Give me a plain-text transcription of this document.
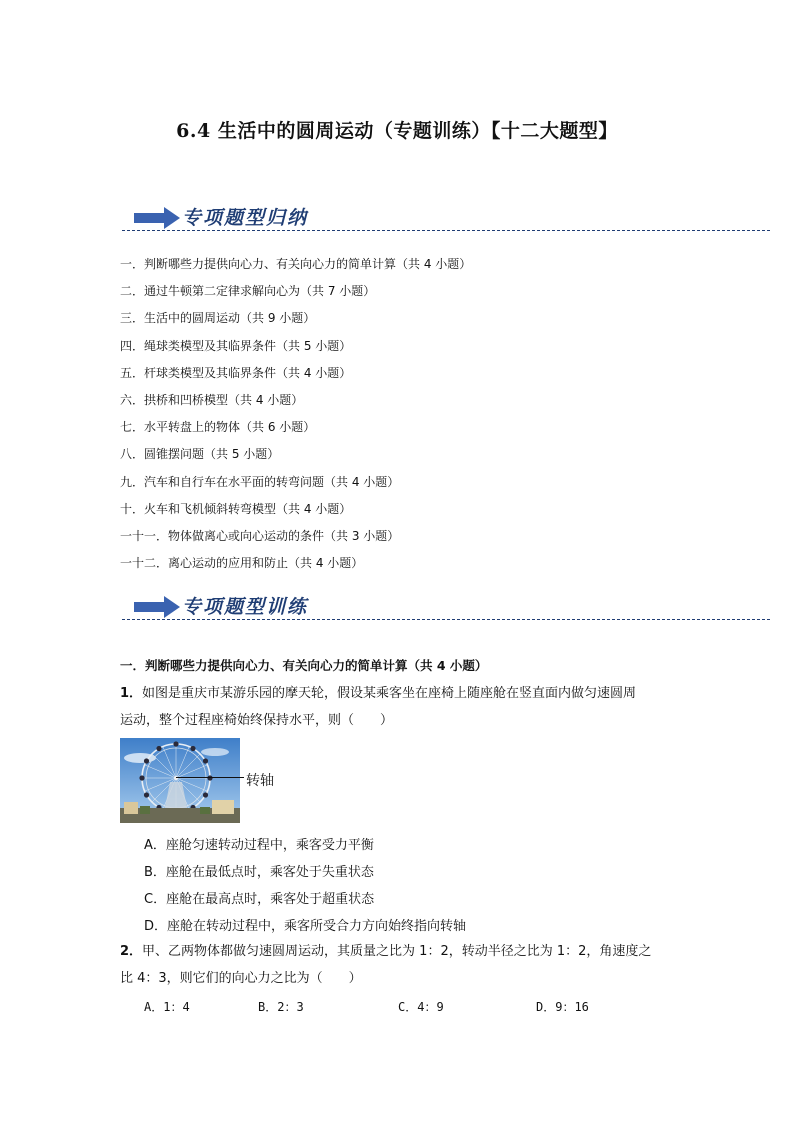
6.4 生活中的圆周运动（专题训练）【十二大题型】
专项题型归纳
一．判断哪些力提供向心力、有关向心力的简单计算（共 4 小题）
二．通过牛顿第二定律求解向心为（共 7 小题）
三．生活中的圆周运动（共 9 小题）
四．绳球类模型及其临界条件（共 5 小题）
五．杆球类模型及其临界条件（共 4 小题）
六．拱桥和凹桥模型（共 4 小题）
七．水平转盘上的物体（共 6 小题）
八．圆锥摆问题（共 5 小题）
九．汽车和自行车在水平面的转弯问题（共 4 小题）
十．火车和飞机倾斜转弯模型（共 4 小题）
一十一．物体做离心或向心运动的条件（共 3 小题）
一十二．离心运动的应用和防止（共 4 小题）
专项题型训练
一．判断哪些力提供向心力、有关向心力的简单计算（共 4 小题）
1．如图是重庆市某游乐园的摩天轮，假设某乘客坐在座椅上随座舱在竖直面内做匀速圆周
运动，整个过程座椅始终保持水平，则（　　）
转轴
A．座舱匀速转动过程中，乘客受力平衡
B．座舱在最低点时，乘客处于失重状态
C．座舱在最高点时，乘客处于超重状态
D．座舱在转动过程中，乘客所受合力方向始终指向转轴
2．甲、乙两物体都做匀速圆周运动，其质量之比为 1：2，转动半径之比为 1：2，角速度之
比 4：3，则它们的向心力之比为（　　）
A．1：4	B．2：3	C．4：9	D．9：16
